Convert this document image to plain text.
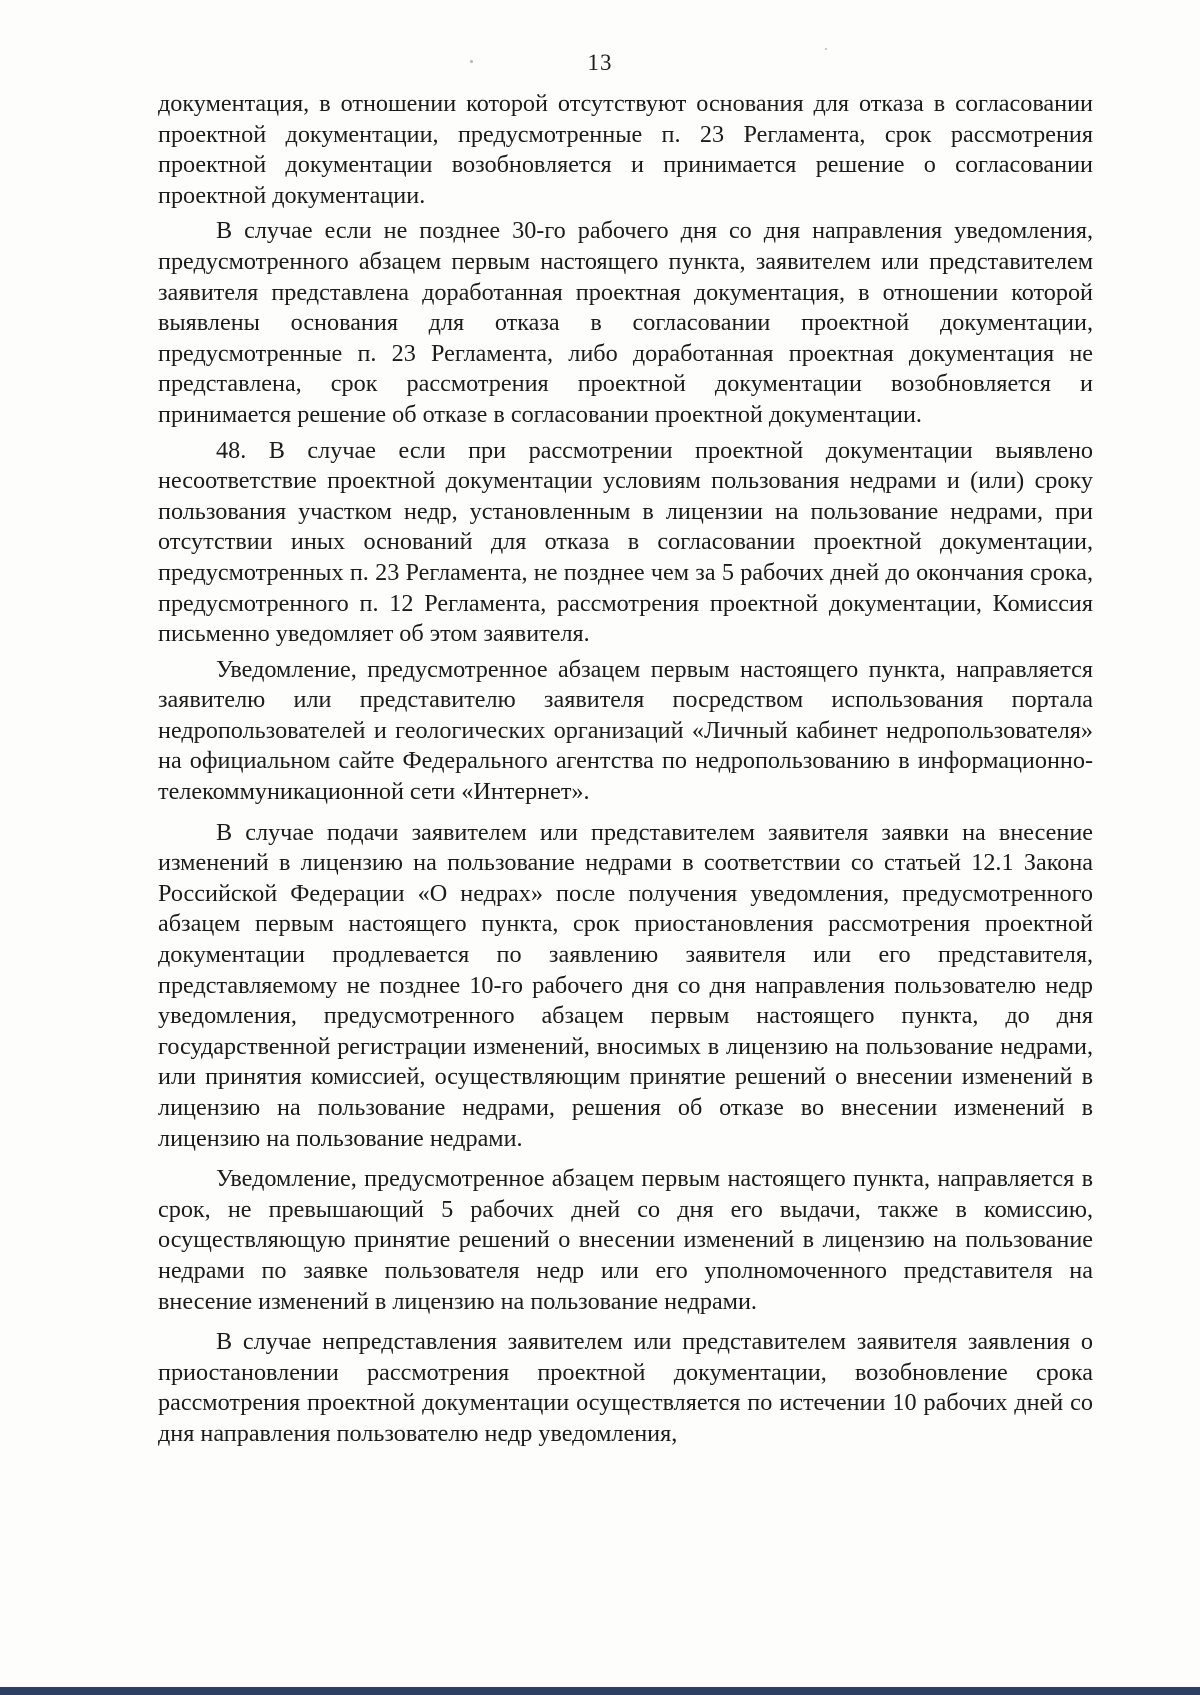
13

документация, в отношении которой отсутствуют основания для отказа в согласовании проектной документации, предусмотренные п. 23 Регламента, срок рассмотрения проектной документации возобновляется и принимается решение о согласовании проектной документации.

В случае если не позднее 30-го рабочего дня со дня направления уведомления, предусмотренного абзацем первым настоящего пункта, заявителем или представителем заявителя представлена доработанная проектная документация, в отношении которой выявлены основания для отказа в согласовании проектной документации, предусмотренные п. 23 Регламента, либо доработанная проектная документация не представлена, срок рассмотрения проектной документации возобновляется и принимается решение об отказе в согласовании проектной документации.

48. В случае если при рассмотрении проектной документации выявлено несоответствие проектной документации условиям пользования недрами и (или) сроку пользования участком недр, установленным в лицензии на пользование недрами, при отсутствии иных оснований для отказа в согласовании проектной документации, предусмотренных п. 23 Регламента, не позднее чем за 5 рабочих дней до окончания срока, предусмотренного п. 12 Регламента, рассмотрения проектной документации, Комиссия письменно уведомляет об этом заявителя.

Уведомление, предусмотренное абзацем первым настоящего пункта, направляется заявителю или представителю заявителя посредством использования портала недропользователей и геологических организаций «Личный кабинет недропользователя» на официальном сайте Федерального агентства по недропользованию в информационно-телекоммуникационной сети «Интернет».

В случае подачи заявителем или представителем заявителя заявки на внесение изменений в лицензию на пользование недрами в соответствии со статьей 12.1 Закона Российской Федерации «О недрах» после получения уведомления, предусмотренного абзацем первым настоящего пункта, срок приостановления рассмотрения проектной документации продлевается по заявлению заявителя или его представителя, представляемому не позднее 10-го рабочего дня со дня направления пользователю недр уведомления, предусмотренного абзацем первым настоящего пункта, до дня государственной регистрации изменений, вносимых в лицензию на пользование недрами, или принятия комиссией, осуществляющим принятие решений о внесении изменений в лицензию на пользование недрами, решения об отказе во внесении изменений в лицензию на пользование недрами.

Уведомление, предусмотренное абзацем первым настоящего пункта, направляется в срок, не превышающий 5 рабочих дней со дня его выдачи, также в комиссию, осуществляющую принятие решений о внесении изменений в лицензию на пользование недрами по заявке пользователя недр или его уполномоченного представителя на внесение изменений в лицензию на пользование недрами.

В случае непредставления заявителем или представителем заявителя заявления о приостановлении рассмотрения проектной документации, возобновление срока рассмотрения проектной документации осуществляется по истечении 10 рабочих дней со дня направления пользователю недр уведомления,
